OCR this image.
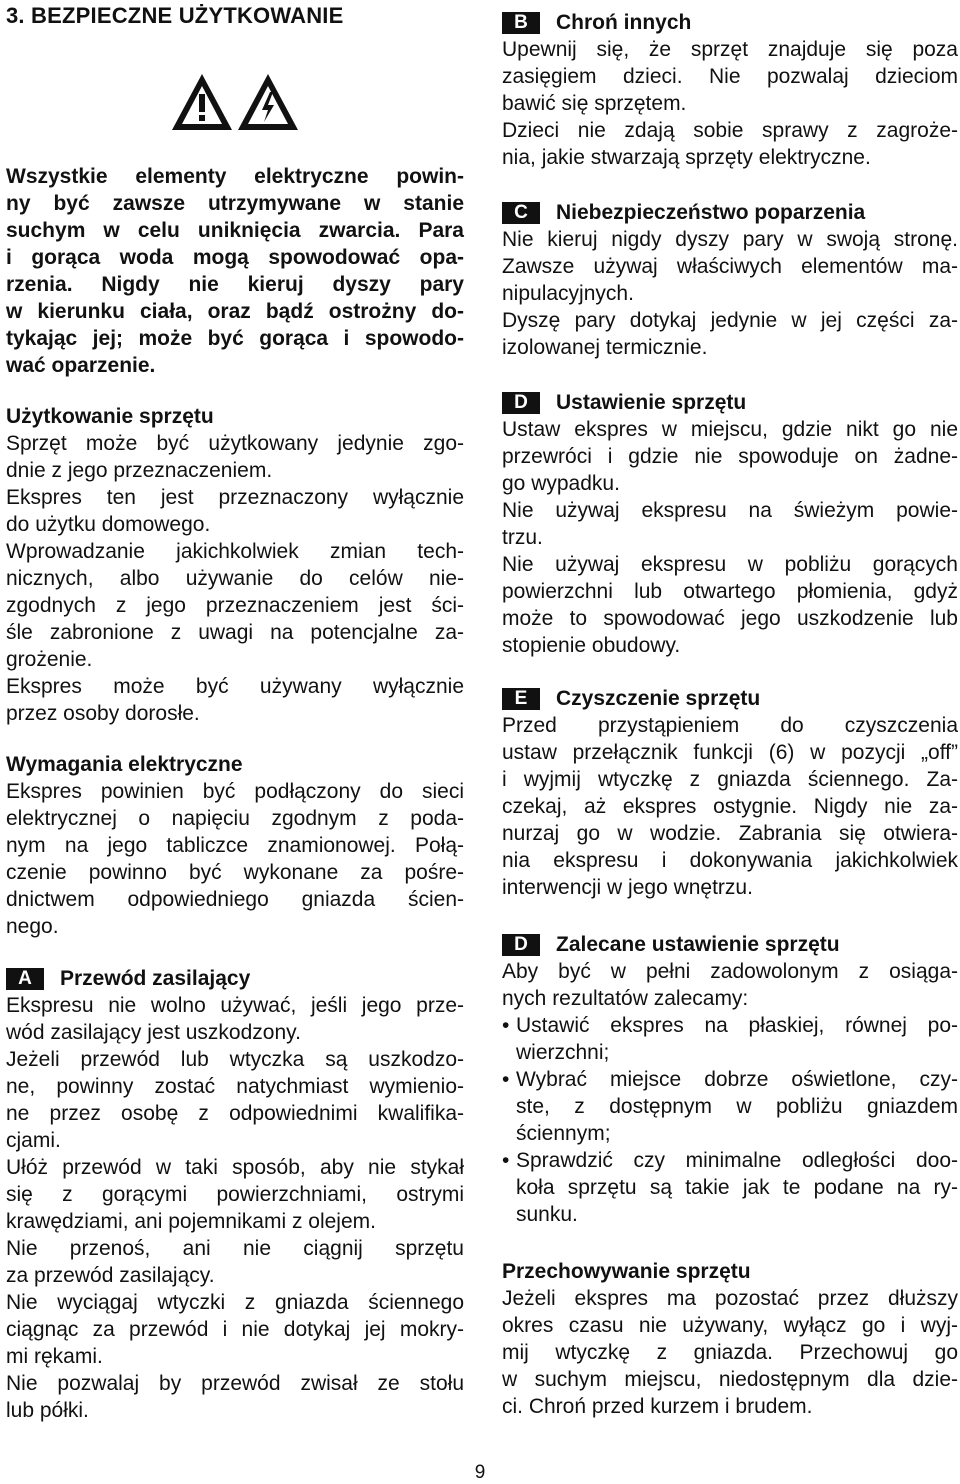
3. BEZPIECZNE UŻYTKOWANIE
Wszystkie elementy elektryczne powin-
ny być zawsze utrzymywane w stanie
suchym w celu uniknięcia zwarcia. Para
i gorąca woda mogą spowodować opa-
rzenia. Nigdy nie kieruj dyszy pary
w kierunku ciała, oraz bądź ostrożny do-
tykając jej; może być gorąca i spowodo-
wać oparzenie.
Użytkowanie sprzętu
Sprzęt może być użytkowany jedynie zgo-
dnie z jego przeznaczeniem.
Ekspres ten jest przeznaczony wyłącznie
do użytku domowego.
Wprowadzanie jakichkolwiek zmian tech-
nicznych, albo używanie do celów nie-
zgodnych z jego przeznaczeniem jest ści-
śle zabronione z uwagi na potencjalne za-
grożenie.
Ekspres może być używany wyłącznie
przez osoby dorosłe.
Wymagania elektryczne
Ekspres powinien być podłączony do sieci
elektrycznej o napięciu zgodnym z poda-
nym na jego tabliczce znamionowej. Połą-
czenie powinno być wykonane za pośre-
dnictwem odpowiedniego gniazda ścien-
nego.
A Przewód zasilający
Ekspresu nie wolno używać, jeśli jego prze-
wód zasilający jest uszkodzony.
Jeżeli przewód lub wtyczka są uszkodzo-
ne, powinny zostać natychmiast wymienio-
ne przez osobę z odpowiednimi kwalifika-
cjami.
Ułóż przewód w taki sposób, aby nie stykał
się z gorącymi powierzchniami, ostrymi
krawędziami, ani pojemnikami z olejem.
Nie przenoś, ani nie ciągnij sprzętu
za przewód zasilający.
Nie wyciągaj wtyczki z gniazda ściennego
ciągnąc za przewód i nie dotykaj jej mokry-
mi rękami.
Nie pozwalaj by przewód zwisał ze stołu
lub półki.
B Chroń innych
Upewnij się, że sprzęt znajduje się poza
zasięgiem dzieci. Nie pozwalaj dzieciom
bawić się sprzętem.
Dzieci nie zdają sobie sprawy z zagroże-
nia, jakie stwarzają sprzęty elektryczne.
C Niebezpieczeństwo poparzenia
Nie kieruj nigdy dyszy pary w swoją stronę.
Zawsze używaj właściwych elementów ma-
nipulacyjnych.
Dyszę pary dotykaj jedynie w jej części za-
izolowanej termicznie.
D Ustawienie sprzętu
Ustaw ekspres w miejscu, gdzie nikt go nie
przewróci i gdzie nie spowoduje on żadne-
go wypadku.
Nie używaj ekspresu na świeżym powie-
trzu.
Nie używaj ekspresu w pobliżu gorących
powierzchni lub otwartego płomienia, gdyż
może to spowodować jego uszkodzenie lub
stopienie obudowy.
E Czyszczenie sprzętu
Przed przystąpieniem do czyszczenia
ustaw przełącznik funkcji (6) w pozycji „off”
i wyjmij wtyczkę z gniazda ściennego. Za-
czekaj, aż ekspres ostygnie. Nigdy nie za-
nurzaj go w wodzie. Zabrania się otwiera-
nia ekspresu i dokonywania jakichkolwiek
interwencji w jego wnętrzu.
D Zalecane ustawienie sprzętu
Aby być w pełni zadowolonym z osiąga-
nych rezultatów zalecamy:
• Ustawić ekspres na płaskiej, równej po-
wierzchni;
• Wybrać miejsce dobrze oświetlone, czy-
ste, z dostępnym w pobliżu gniazdem
ściennym;
• Sprawdzić czy minimalne odległości doo-
koła sprzętu są takie jak te podane na ry-
sunku.
Przechowywanie sprzętu
Jeżeli ekspres ma pozostać przez dłuższy
okres czasu nie używany, wyłącz go i wyj-
mij wtyczkę z gniazda. Przechowuj go
w suchym miejscu, niedostępnym dla dzie-
ci. Chroń przed kurzem i brudem.
9
